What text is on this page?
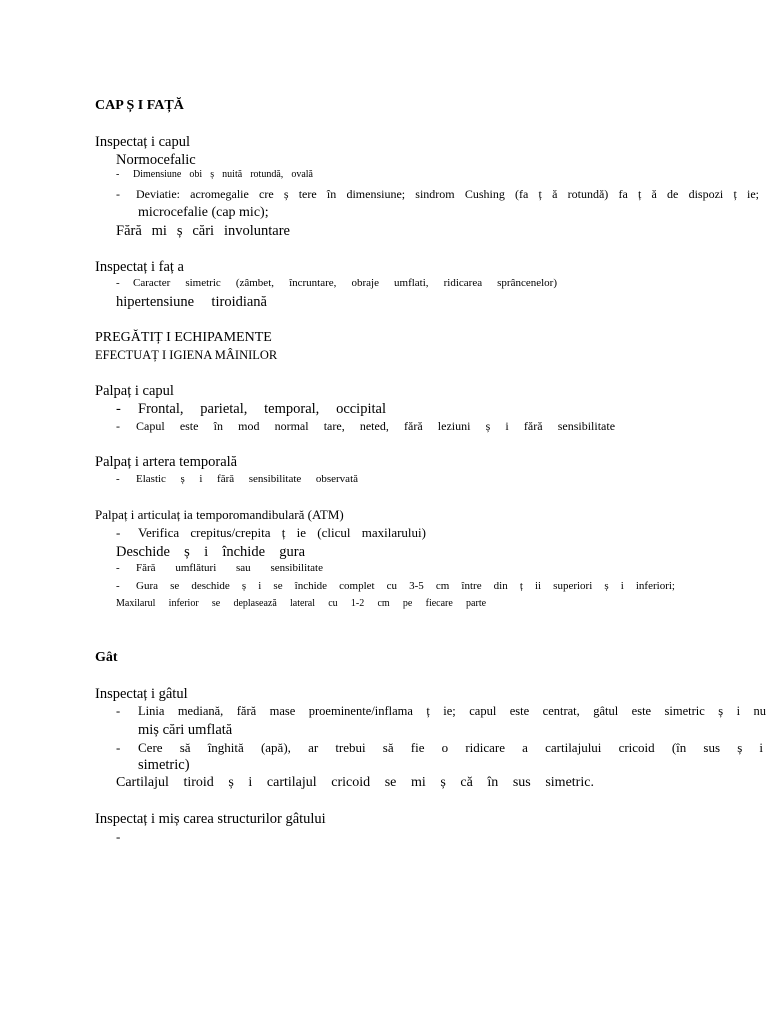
CAP Ș I FAȚĂ
Inspectaț i capul
Normocefalic
- Dimensiune obi ș nuită rotundă, ovală
- Deviatie: acromegalie cre ș tere în dimensiune; sindrom Cushing (fa ț ă rotundă) fa ț ă de dispozi ț ie;
microcefalie (cap mic);
Fără mi ș cări involuntare
Inspectaț i faț a
- Caracter simetric (zâmbet, încruntare, obraje umflati, ridicarea sprâncenelor)
hipertensiune tiroidiană
PREGĂTIȚ I ECHIPAMENTE
EFECTUAȚ I IGIENA MÂINILOR
Palpaț i capul
- Frontal, parietal, temporal, occipital
- Capul este în mod normal tare, neted, fără leziuni ș i fără sensibilitate
Palpaț i artera temporală
- Elastic ș i fără sensibilitate observată
Palpaț i articulaț ia temporomandibulară (ATM)
- Verifica crepitus/crepita ț ie (clicul maxilarului)
Deschide ș i închide gura
- Fără umflături sau sensibilitate
- Gura se deschide ș i se închide complet cu 3-5 cm între din ț ii superiori ș i inferiori;
Maxilarul inferior se deplasează lateral cu 1-2 cm pe fiecare parte
Gât
Inspectaț i gâtul
- Linia mediană, fără mase proeminente/inflama ț ie; capul este centrat, gâtul este simetric ș i nu
miș cări umflată
- Cere să înghită (apă), ar trebui să fie o ridicare a cartilajului cricoid (în sus ș i
simetric)
Cartilajul tiroid ș i cartilajul cricoid se mi ș că în sus simetric.
Inspectaț i miș carea structurilor gâtului
-
